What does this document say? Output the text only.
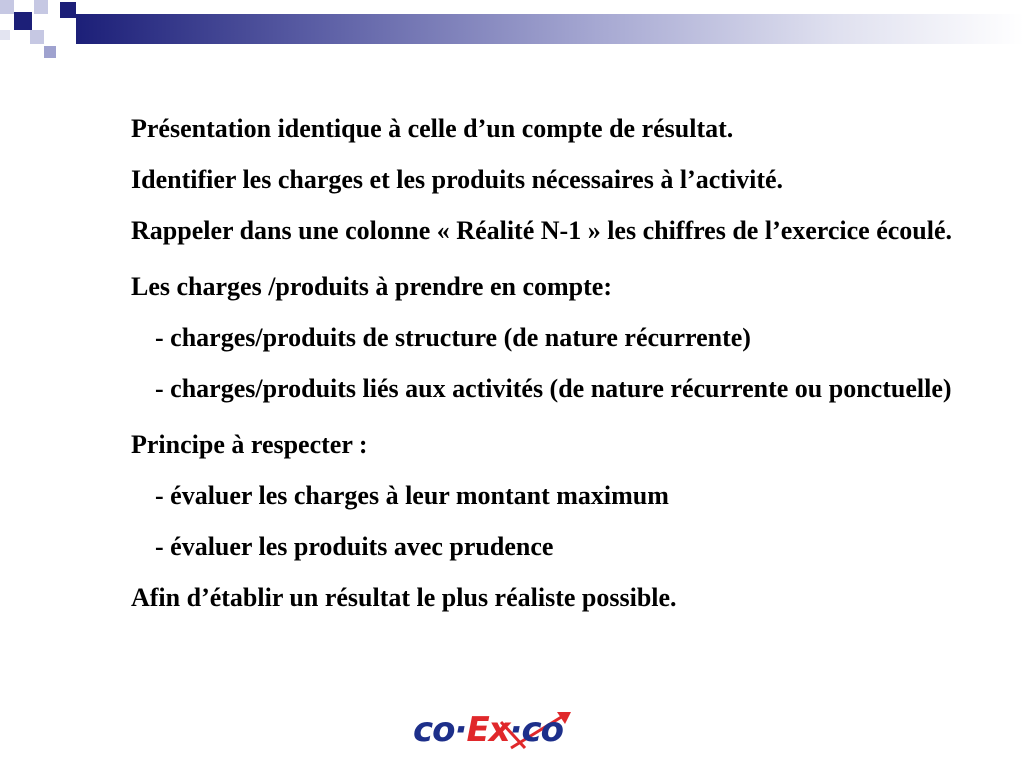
Présentation identique à celle d’un compte de résultat.

Identifier les charges et les produits nécessaires à l’activité.

Rappeler dans une colonne « Réalité N-1 » les chiffres de l’exercice écoulé.

Les charges /produits à prendre en compte:

- charges/produits de structure (de nature récurrente)

- charges/produits liés aux activités (de nature récurrente ou ponctuelle)

Principe à respecter :

- évaluer les charges à leur montant maximum

- évaluer les produits avec prudence

Afin d’établir un résultat le plus réaliste possible.

co·Ex·co
